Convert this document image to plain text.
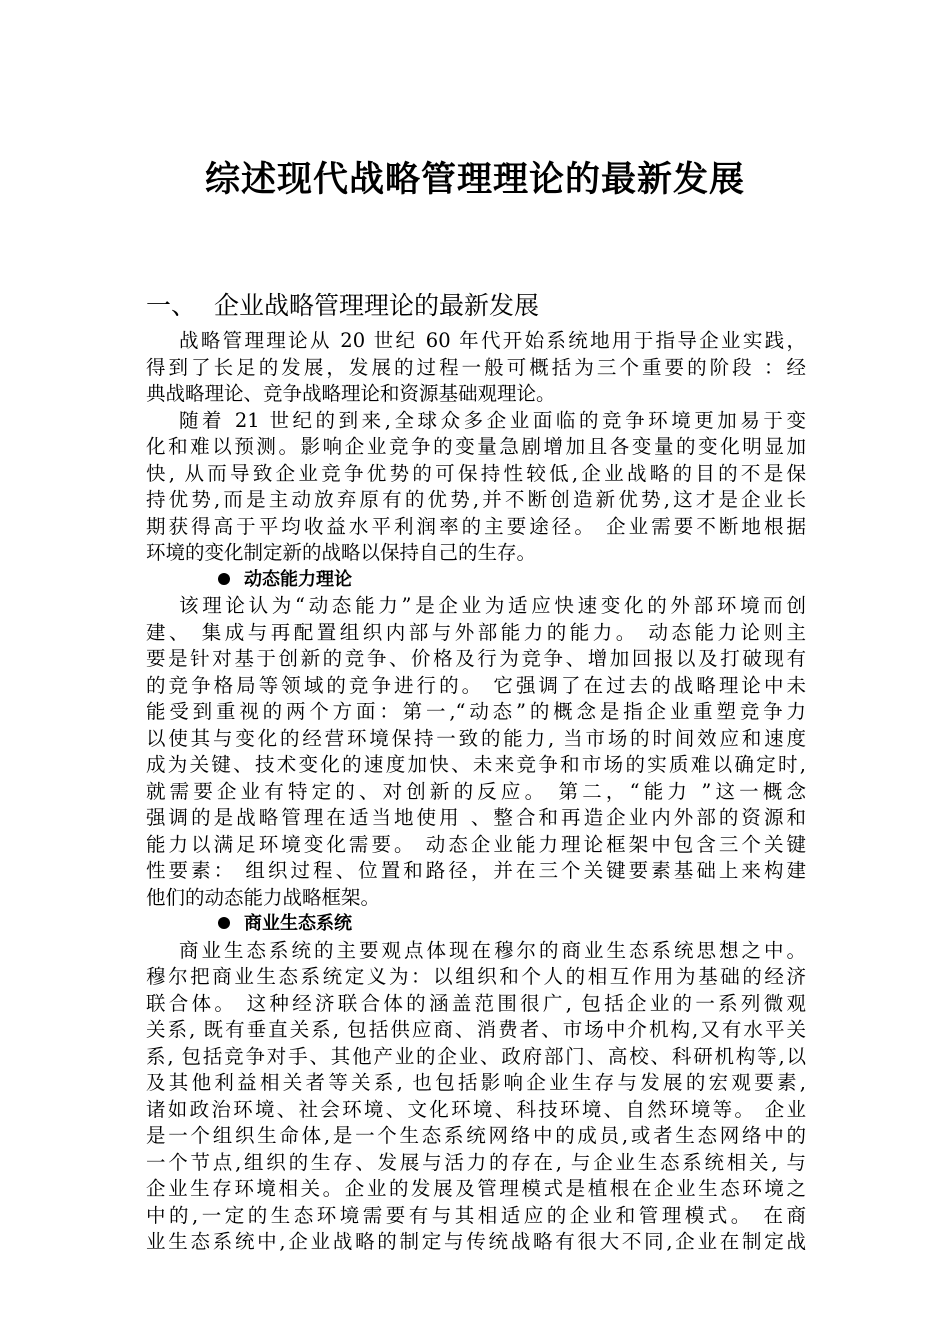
综述现代战略管理理论的最新发展
一、 企业战略管理理论的最新发展
战略管理理论从 20 世纪 60 年代开始系统地用于指导企业实践，
得到了长足的发展，发展的过程一般可概括为三个重要的阶段 ：经
典战略理论、竞争战略理论和资源基础观理论。
随着 21 世纪的到来,全球众多企业面临的竞争环境更加易于变
化和难以预测。影响企业竞争的变量急剧增加且各变量的变化明显加
快, 从而导致企业竞争优势的可保持性较低,企业战略的目的不是保
持优势,而是主动放弃原有的优势,并不断创造新优势,这才是企业长
期获得高于平均收益水平利润率的主要途径。 企业需要不断地根据
环境的变化制定新的战略以保持自己的生存。
动态能力理论
该理论认为“动态能力”是企业为适应快速变化的外部环境而创
建、 集成与再配置组织内部与外部能力的能力。 动态能力论则主
要是针对基于创新的竞争、价格及行为竞争、增加回报以及打破现有
的竞争格局等领域的竞争进行的。 它强调了在过去的战略理论中未
能受到重视的两个方面：第一,“动态”的概念是指企业重塑竞争力
以使其与变化的经营环境保持一致的能力, 当市场的时间效应和速度
成为关键、技术变化的速度加快、未来竞争和市场的实质难以确定时,
就需要企业有特定的、对创新的反应。 第二，“能力 ”这一概念
强调的是战略管理在适当地使用 、整合和再造企业内外部的资源和
能力以满足环境变化需要。 动态企业能力理论框架中包含三个关键
性要素： 组织过程、位置和路径，并在三个关键要素基础上来构建
他们的动态能力战略框架。
商业生态系统
商业生态系统的主要观点体现在穆尔的商业生态系统思想之中。
穆尔把商业生态系统定义为：以组织和个人的相互作用为基础的经济
联合体。 这种经济联合体的涵盖范围很广, 包括企业的一系列微观
关系, 既有垂直关系, 包括供应商、消费者、市场中介机构,又有水平关
系, 包括竞争对手、其他产业的企业、政府部门、高校、科研机构等,以
及其他利益相关者等关系, 也包括影响企业生存与发展的宏观要素,
诸如政治环境、社会环境、文化环境、科技环境、自然环境等。 企业
是一个组织生命体,是一个生态系统网络中的成员,或者生态网络中的
一个节点,组织的生存、发展与活力的存在, 与企业生态系统相关, 与
企业生存环境相关。企业的发展及管理模式是植根在企业生态环境之
中的,一定的生态环境需要有与其相适应的企业和管理模式。 在商
业生态系统中,企业战略的制定与传统战略有很大不同,企业在制定战
